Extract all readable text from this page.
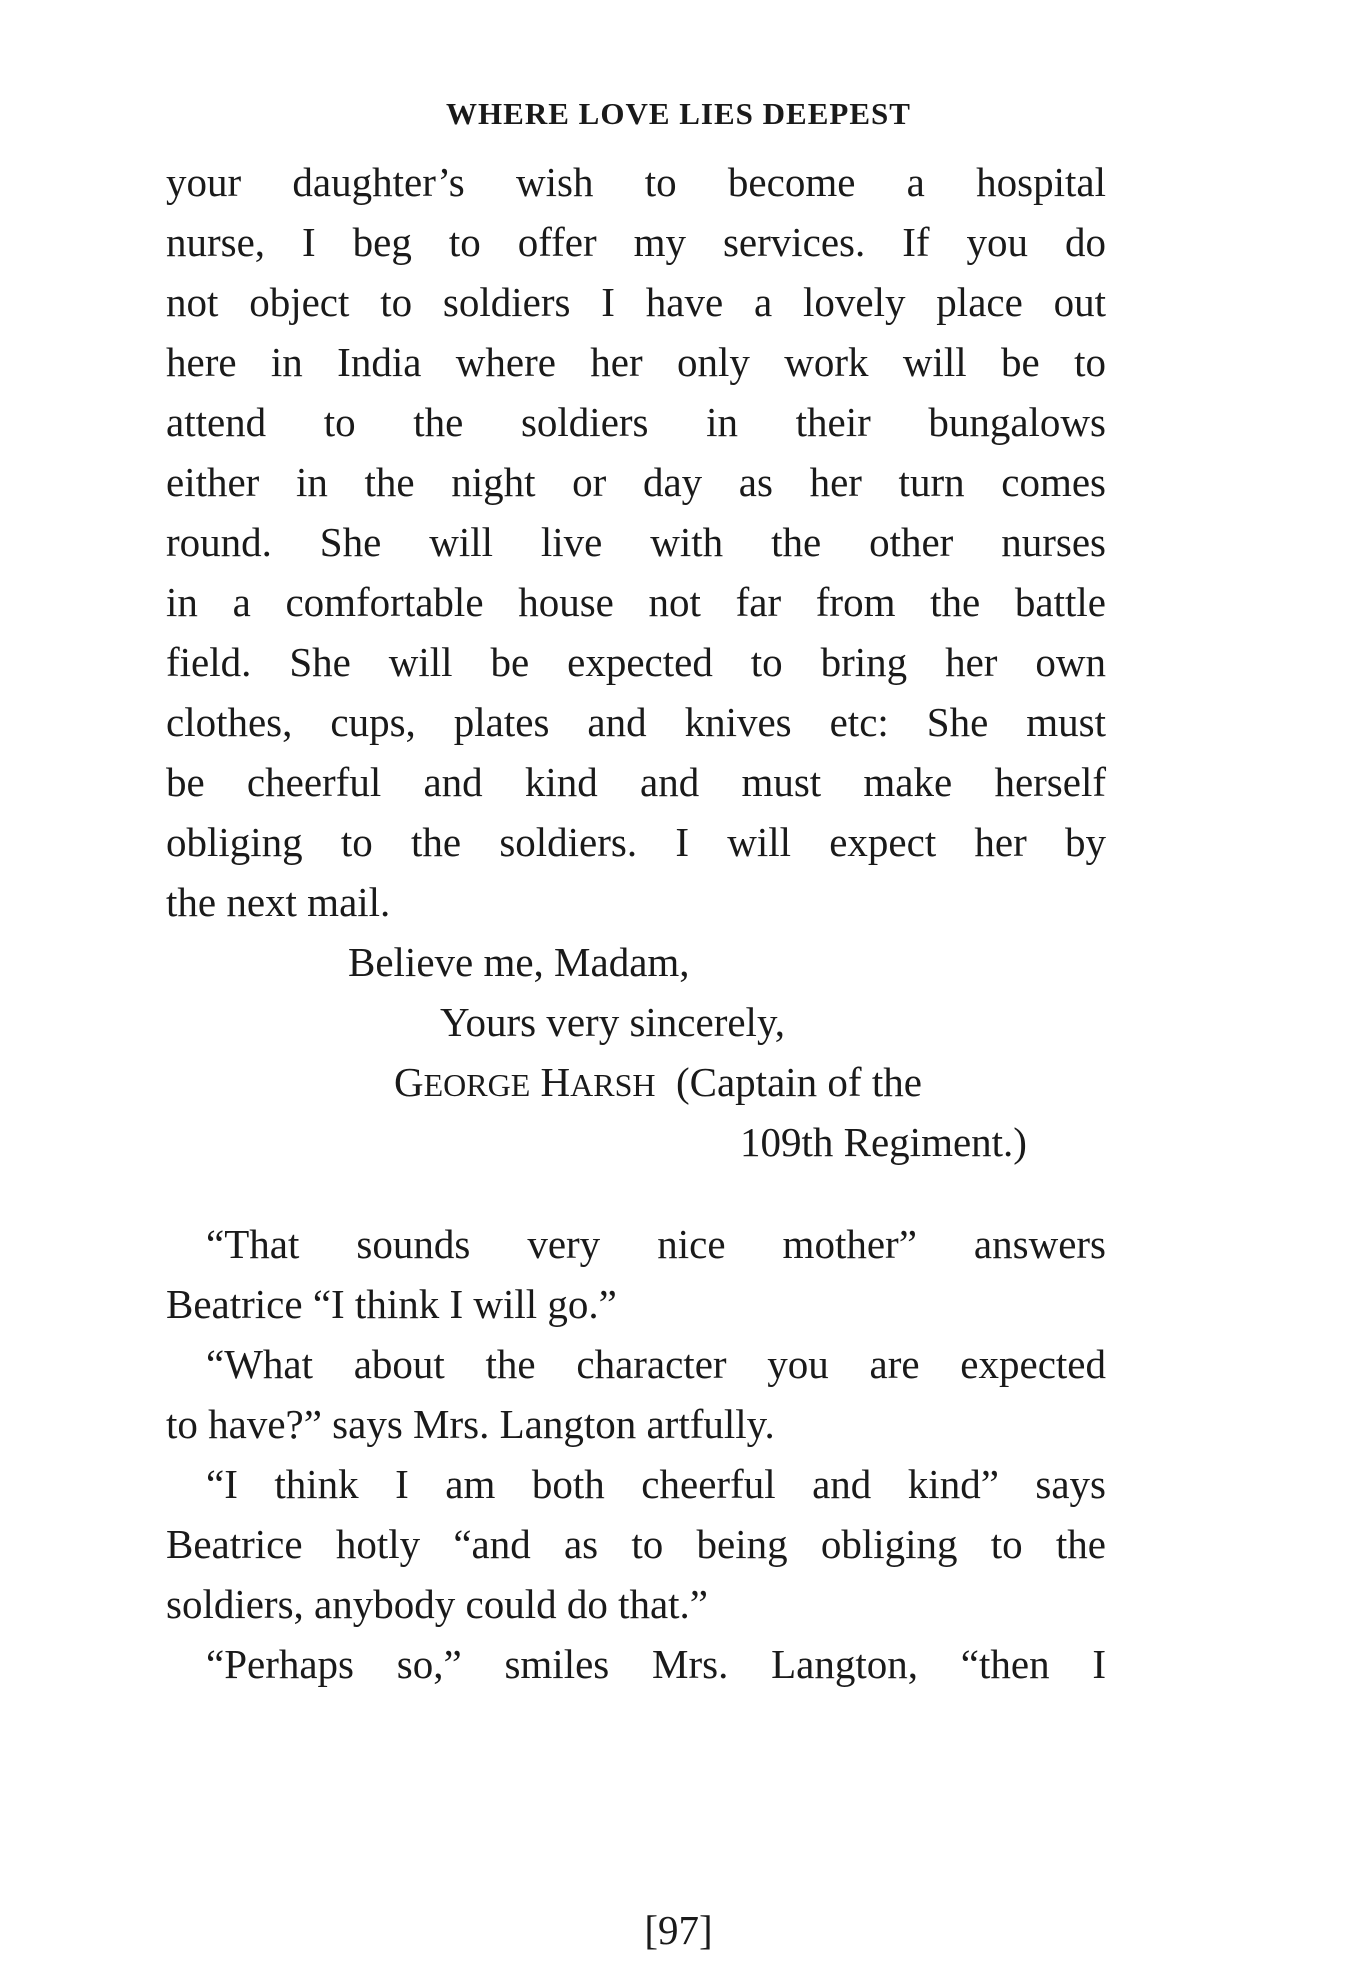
WHERE LOVE LIES DEEPEST
your daughter’s wish to become a hospital
nurse, I beg to offer my services. If you do
not object to soldiers I have a lovely place out
here in India where her only work will be to
attend to the soldiers in their bungalows
either in the night or day as her turn comes
round. She will live with the other nurses
in a comfortable house not far from the battle
field. She will be expected to bring her own
clothes, cups, plates and knives etc: She must
be cheerful and kind and must make herself
obliging to the soldiers. I will expect her by
the next mail.
Believe me, Madam,
Yours very sincerely,
GEORGE HARSH (Captain of the
109th Regiment.)
“That sounds very nice mother” answers
Beatrice “I think I will go.”
“What about the character you are expected
to have?” says Mrs. Langton artfully.
“I think I am both cheerful and kind” says
Beatrice hotly “and as to being obliging to the
soldiers, anybody could do that.”
“Perhaps so,” smiles Mrs. Langton, “then I
[97]
